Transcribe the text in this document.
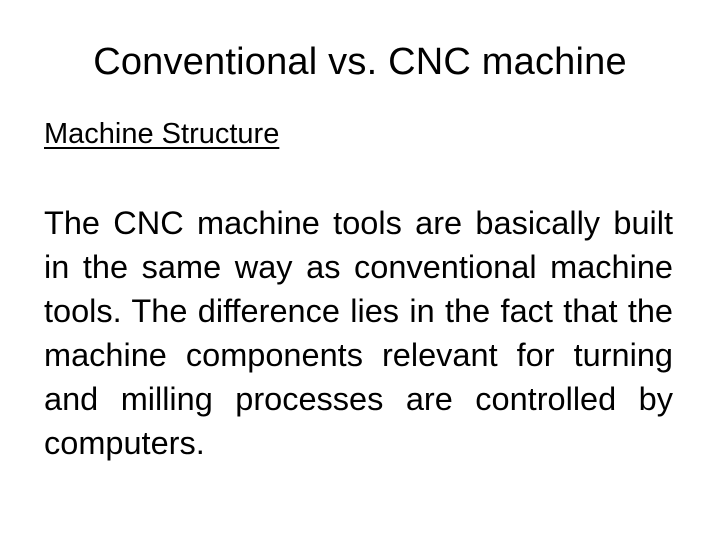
Conventional vs. CNC machine
Machine Structure

The CNC machine tools are basically built in the same way as conventional machine tools. The difference lies in the fact that the machine components relevant for turning and milling processes are controlled by computers.
